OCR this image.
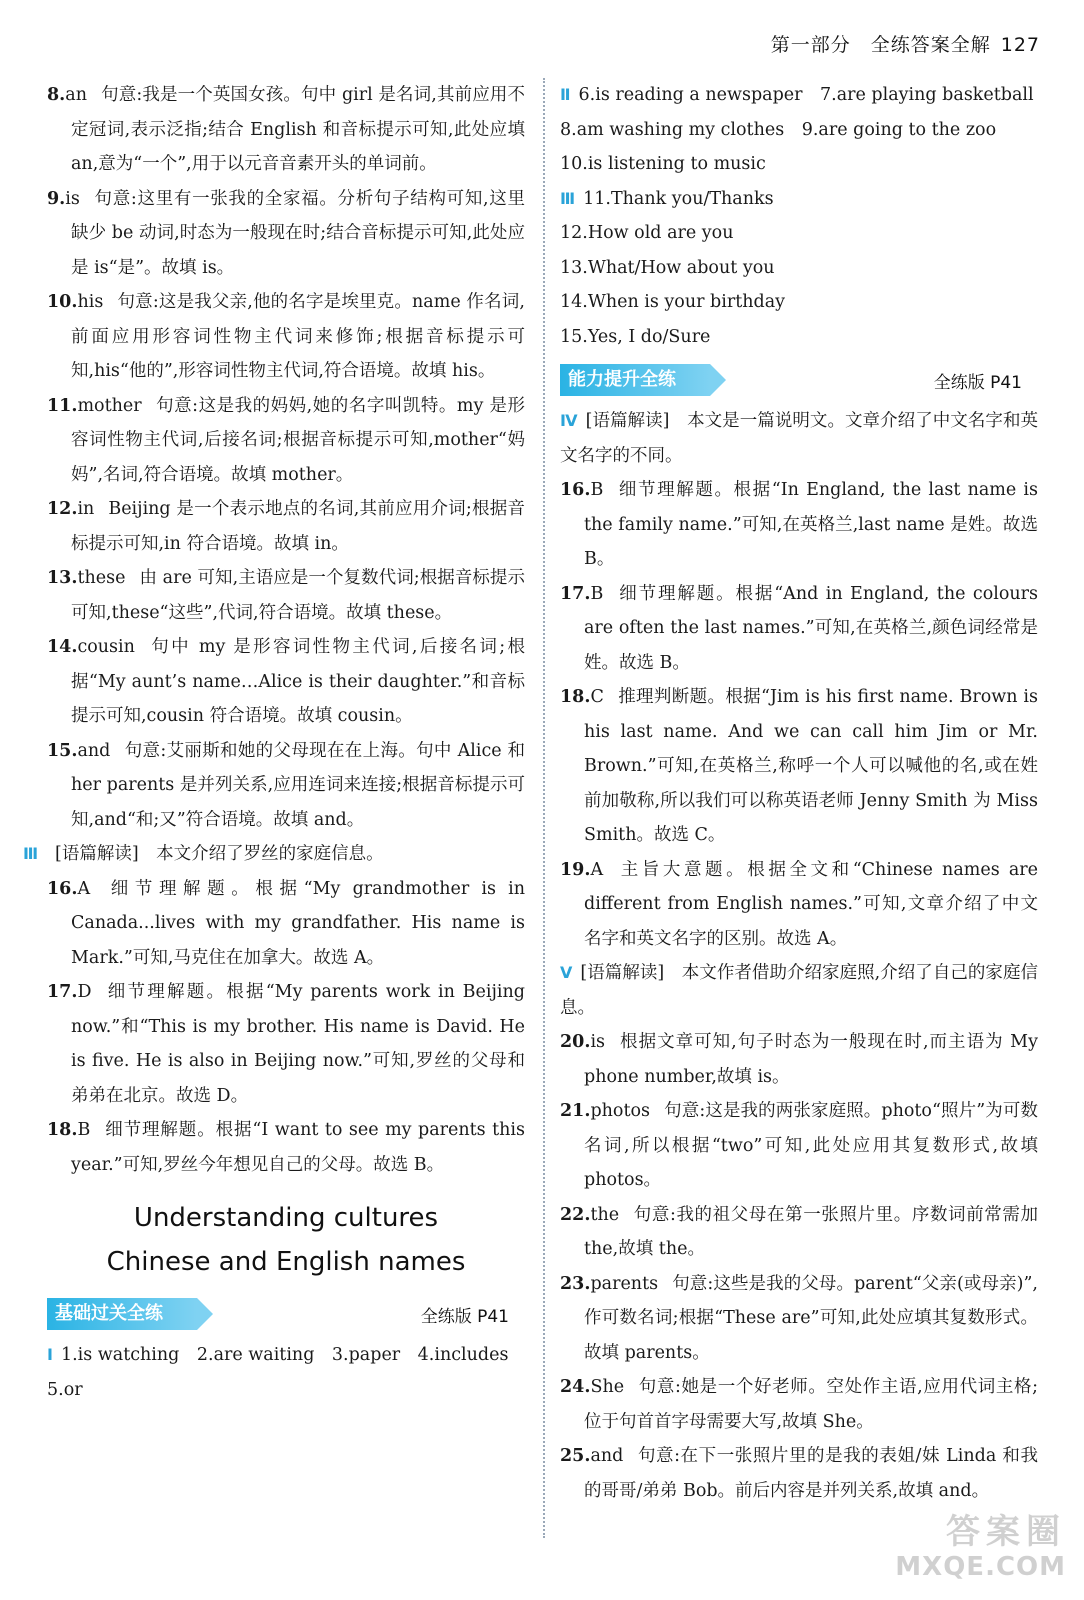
第一部分　全练答案全解 127

8.an 句意:我是一个英国女孩。句中 girl 是名词,其前应用不定冠词,表示泛指;结合 English 和音标提示可知,此处应填 an,意为“一个”,用于以元音音素开头的单词前。

9.is 句意:这里有一张我的全家福。分析句子结构可知,这里缺少 be 动词,时态为一般现在时;结合音标提示可知,此处应是 is“是”。故填 is。

10.his 句意:这是我父亲,他的名字是埃里克。name 作名词,前面应用形容词性物主代词来修饰;根据音标提示可知,his“他的”,形容词性物主代词,符合语境。故填 his。

11.mother 句意:这是我的妈妈,她的名字叫凯特。my 是形容词性物主代词,后接名词;根据音标提示可知,mother“妈妈”,名词,符合语境。故填 mother。

12.in Beijing 是一个表示地点的名词,其前应用介词;根据音标提示可知,in 符合语境。故填 in。

13.these 由 are 可知,主语应是一个复数代词;根据音标提示可知,these“这些”,代词,符合语境。故填 these。

14.cousin 句中 my 是形容词性物主代词,后接名词;根据“My aunt’s name…Alice is their daughter.”和音标提示可知,cousin 符合语境。故填 cousin。

15.and 句意:艾丽斯和她的父母现在在上海。句中 Alice 和 her parents 是并列关系,应用连词来连接;根据音标提示可知,and“和;又”符合语境。故填 and。

Ⅲ [语篇解读]　本文介绍了罗丝的家庭信息。

16.A 细节理解题。根据“My grandmother is in Canada...lives with my grandfather. His name is Mark.”可知,马克住在加拿大。故选 A。

17.D 细节理解题。根据“My parents work in Beijing now.”和“This is my brother. His name is David. He is five. He is also in Beijing now.”可知,罗丝的父母和弟弟在北京。故选 D。

18.B 细节理解题。根据“I want to see my parents this year.”可知,罗丝今年想见自己的父母。故选 B。

Understanding cultures
Chinese and English names
基础过关全练	全练版 P41

Ⅰ 1.is watching　2.are waiting　3.paper　4.includes

5.or

Ⅱ 6.is reading a newspaper　7.are playing basketball

8.am washing my clothes　9.are going to the zoo

10.is listening to music

Ⅲ 11.Thank you/Thanks

12.How old are you

13.What/How about you

14.When is your birthday

15.Yes, I do/Sure

能力提升全练	全练版 P41

Ⅳ [语篇解读]　本文是一篇说明文。文章介绍了中文名字和英文名字的不同。

16.B 细节理解题。根据“In England, the last name is the family name.”可知,在英格兰,last name 是姓。故选 B。

17.B 细节理解题。根据“And in England, the colours are often the last names.”可知,在英格兰,颜色词经常是姓。故选 B。

18.C 推理判断题。根据“Jim is his first name. Brown is his last name. And we can call him Jim or Mr. Brown.”可知,在英格兰,称呼一个人可以喊他的名,或在姓前加敬称,所以我们可以称英语老师 Jenny Smith 为 Miss Smith。故选 C。

19.A 主旨大意题。根据全文和“Chinese names are different from English names.”可知,文章介绍了中文名字和英文名字的区别。故选 A。

Ⅴ [语篇解读]　本文作者借助介绍家庭照,介绍了自己的家庭信息。

20.is 根据文章可知,句子时态为一般现在时,而主语为 My phone number,故填 is。

21.photos 句意:这是我的两张家庭照。photo“照片”为可数名词,所以根据“two”可知,此处应用其复数形式,故填 photos。

22.the 句意:我的祖父母在第一张照片里。序数词前常需加 the,故填 the。

23.parents 句意:这些是我的父母。parent“父亲(或母亲)”,作可数名词;根据“These are”可知,此处应填其复数形式。故填 parents。

24.She 句意:她是一个好老师。空处作主语,应用代词主格;位于句首首字母需要大写,故填 She。

25.and 句意:在下一张照片里的是我的表姐/妹 Linda 和我的哥哥/弟弟 Bob。前后内容是并列关系,故填 and。

答案圈
MXQE.COM
